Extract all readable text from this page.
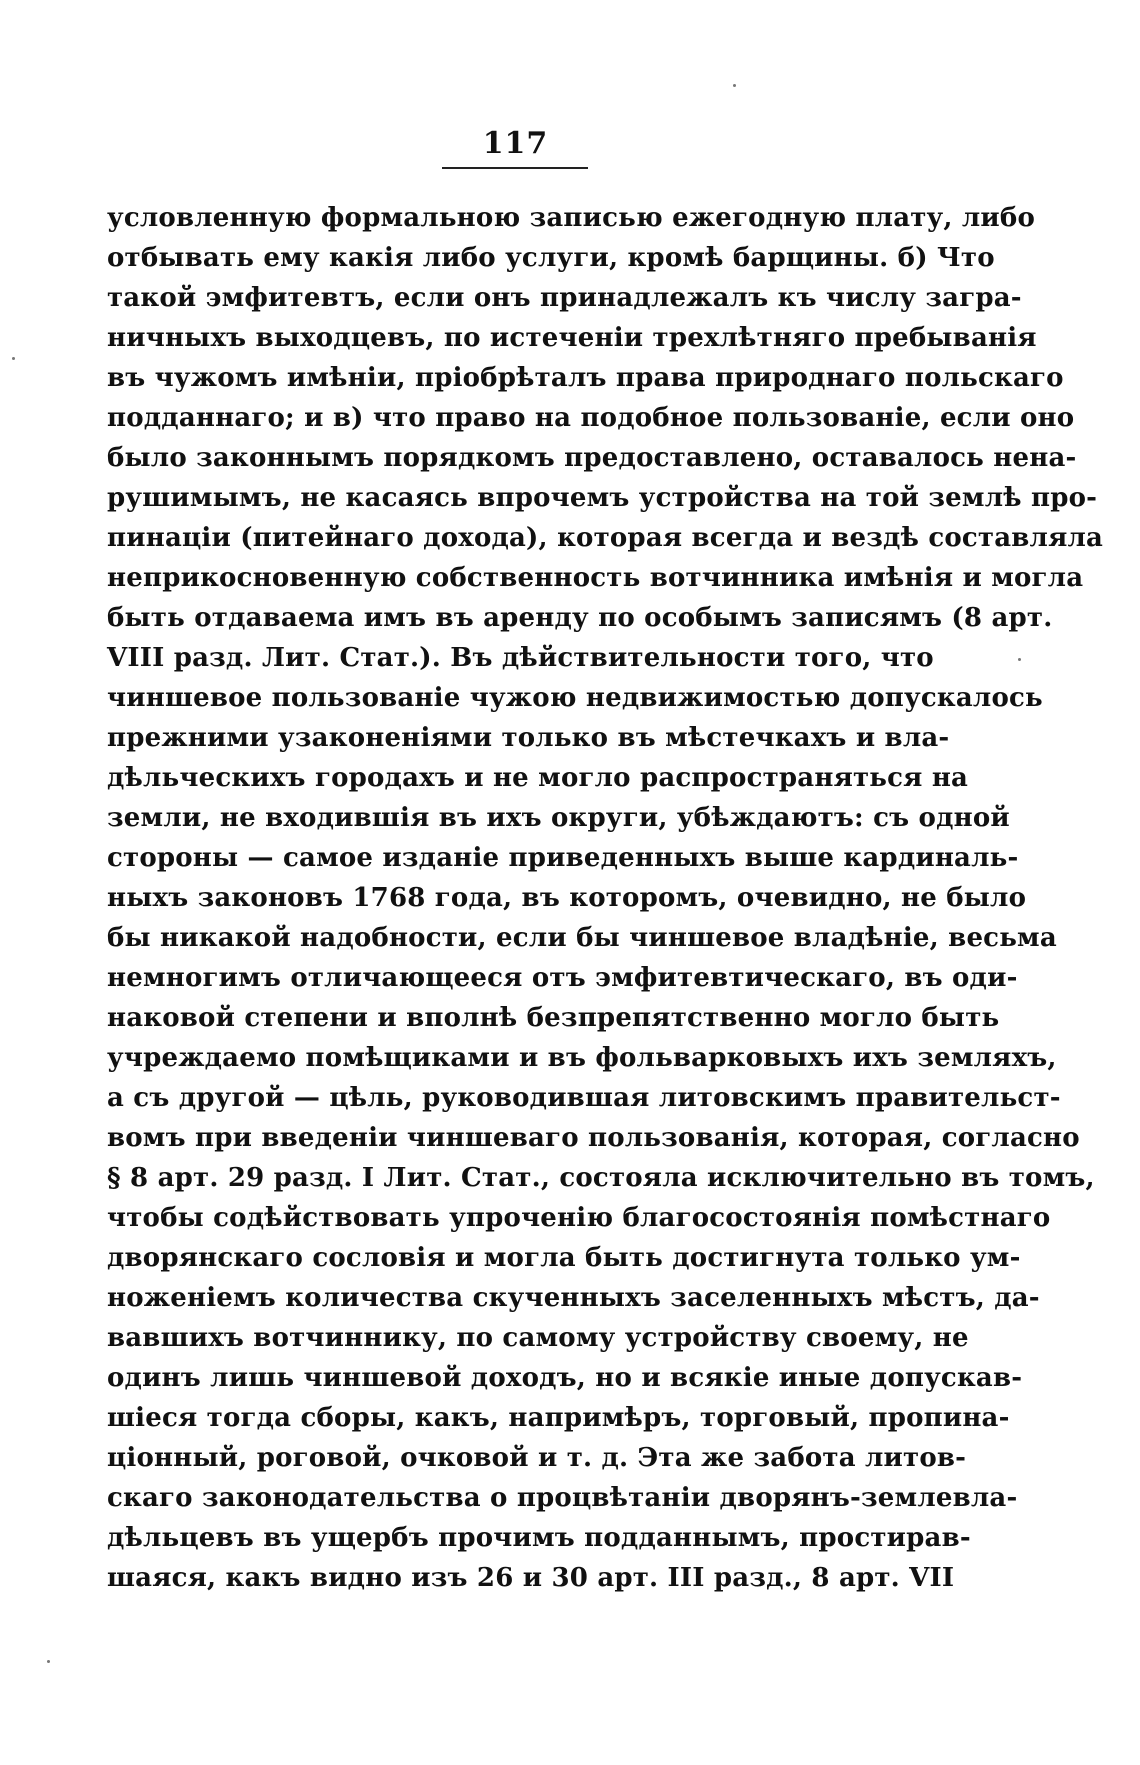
117
условленную формальною записью ежегодную плату, либо
отбывать ему какія либо услуги, кромѣ барщины. б) Что
такой эмфитевтъ, если онъ принадлежалъ къ числу загра-
ничныхъ выходцевъ, по истеченіи трехлѣтняго пребыванія
въ чужомъ имѣніи, пріобрѣталъ права природнаго польскаго
подданнаго; и в) что право на подобное пользованіе, если оно
было законнымъ порядкомъ предоставлено, оставалось нена-
рушимымъ, не касаясь впрочемъ устройства на той землѣ про-
пинаціи (питейнаго дохода), которая всегда и вездѣ составляла
неприкосновенную собственность вотчинника имѣнія и могла
быть отдаваема имъ въ аренду по особымъ записямъ (8 арт.
VIII разд. Лит. Стат.). Въ дѣйствительности того, что
чиншевое пользованіе чужою недвижимостью допускалось
прежними узаконеніями только въ мѣстечкахъ и вла-
дѣльческихъ городахъ и не могло распространяться на
земли, не входившія въ ихъ округи, убѣждаютъ: съ одной
стороны — самое изданіе приведенныхъ выше кардиналь-
ныхъ законовъ 1768 года, въ которомъ, очевидно, не было
бы никакой надобности, если бы чиншевое владѣніе, весьма
немногимъ отличающееся отъ эмфитевтическаго, въ оди-
наковой степени и вполнѣ безпрепятственно могло быть
учреждаемо помѣщиками и въ фольварковыхъ ихъ земляхъ,
а съ другой — цѣль, руководившая литовскимъ правительст-
вомъ при введеніи чиншеваго пользованія, которая, согласно
§ 8 арт. 29 разд. I Лит. Стат., состояла исключительно въ томъ,
чтобы содѣйствовать упроченію благосостоянія помѣстнаго
дворянскаго сословія и могла быть достигнута только ум-
ноженіемъ количества скученныхъ заселенныхъ мѣстъ, да-
вавшихъ вотчиннику, по самому устройству своему, не
одинъ лишь чиншевой доходъ, но и всякіе иные допускав-
шіеся тогда сборы, какъ, напримѣръ, торговый, пропина-
ціонный, роговой, очковой и т. д. Эта же забота литов-
скаго законодательства о процвѣтаніи дворянъ-землевла-
дѣльцевъ въ ущербъ прочимъ подданнымъ, простирав-
шаяся, какъ видно изъ 26 и 30 арт. III разд., 8 арт. VII
